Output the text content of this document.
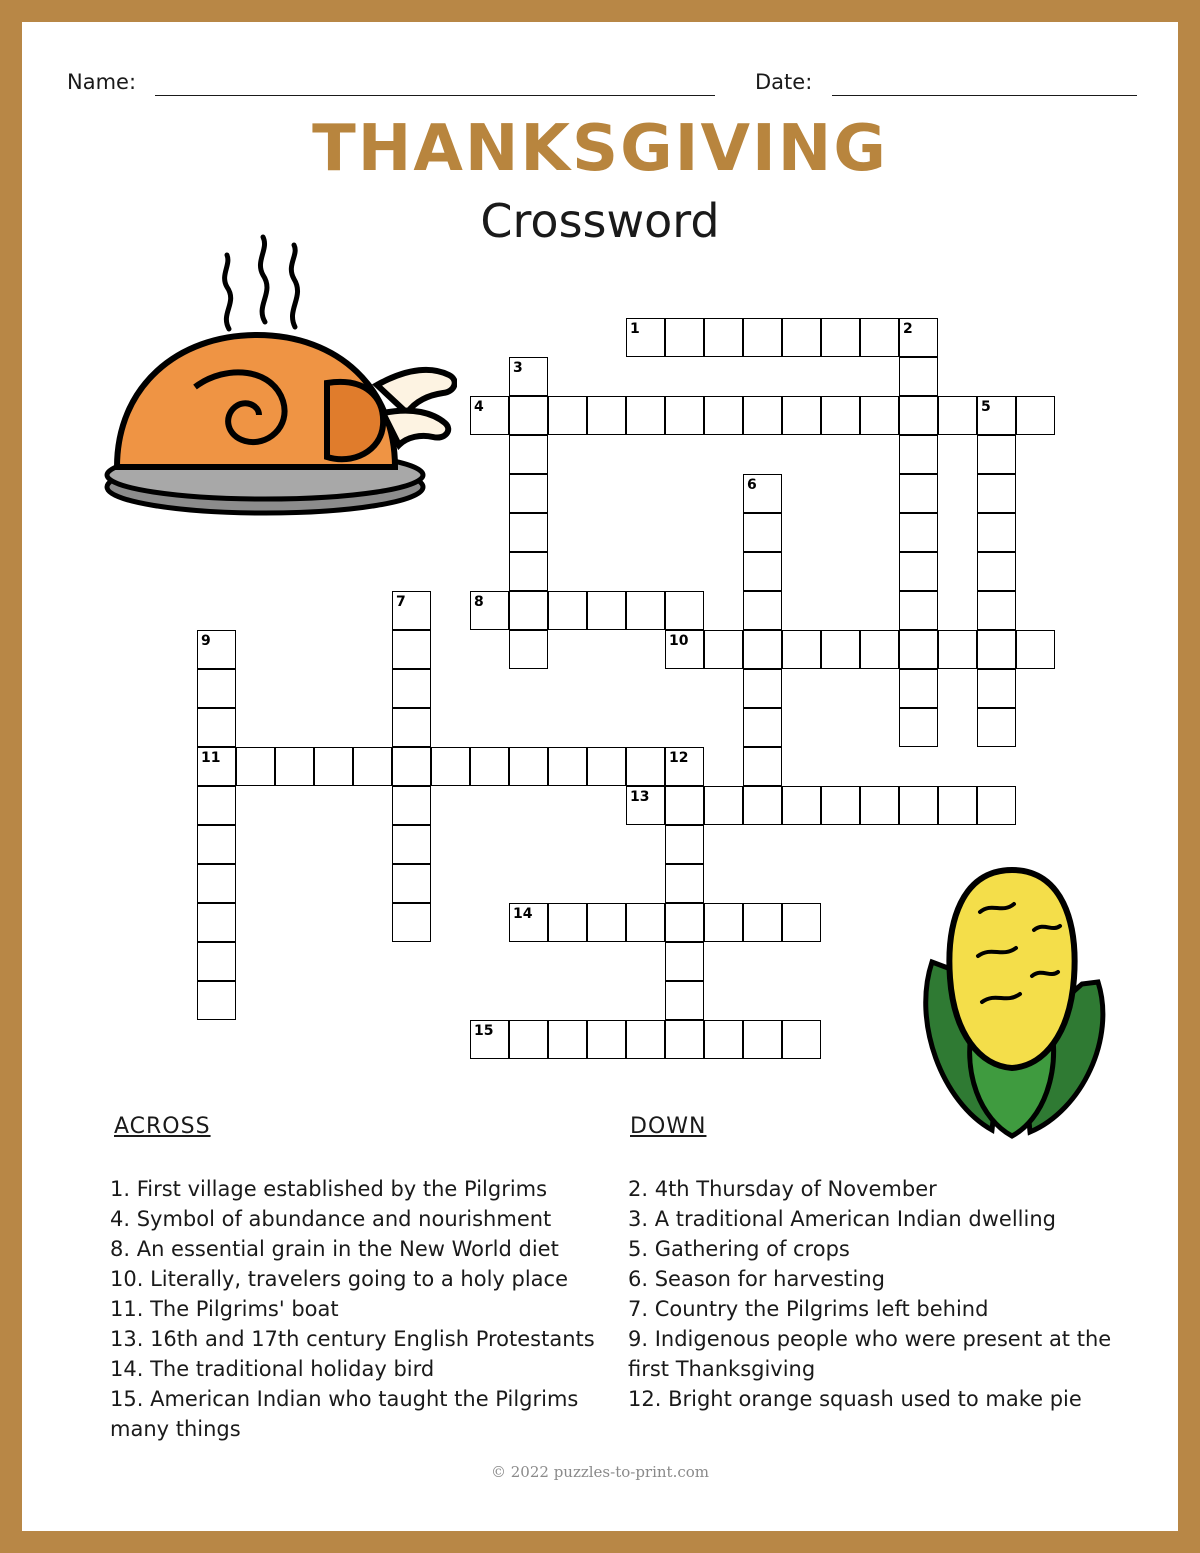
Name:	Date:
THANKSGIVING
Crossword
1	2
3
4	5
6
7	8
9	10
11	12
13
14
15
ACROSS
1. First village established by the Pilgrims
4. Symbol of abundance and nourishment
8. An essential grain in the New World diet
10. Literally, travelers going to a holy place
11. The Pilgrims' boat
13. 16th and 17th century English Protestants
14. The traditional holiday bird
15. American Indian who taught the Pilgrims many things
DOWN
2. 4th Thursday of November
3. A traditional American Indian dwelling
5. Gathering of crops
6. Season for harvesting
7. Country the Pilgrims left behind
9. Indigenous people who were present at the first Thanksgiving
12. Bright orange squash used to make pie
© 2022 puzzles-to-print.com
